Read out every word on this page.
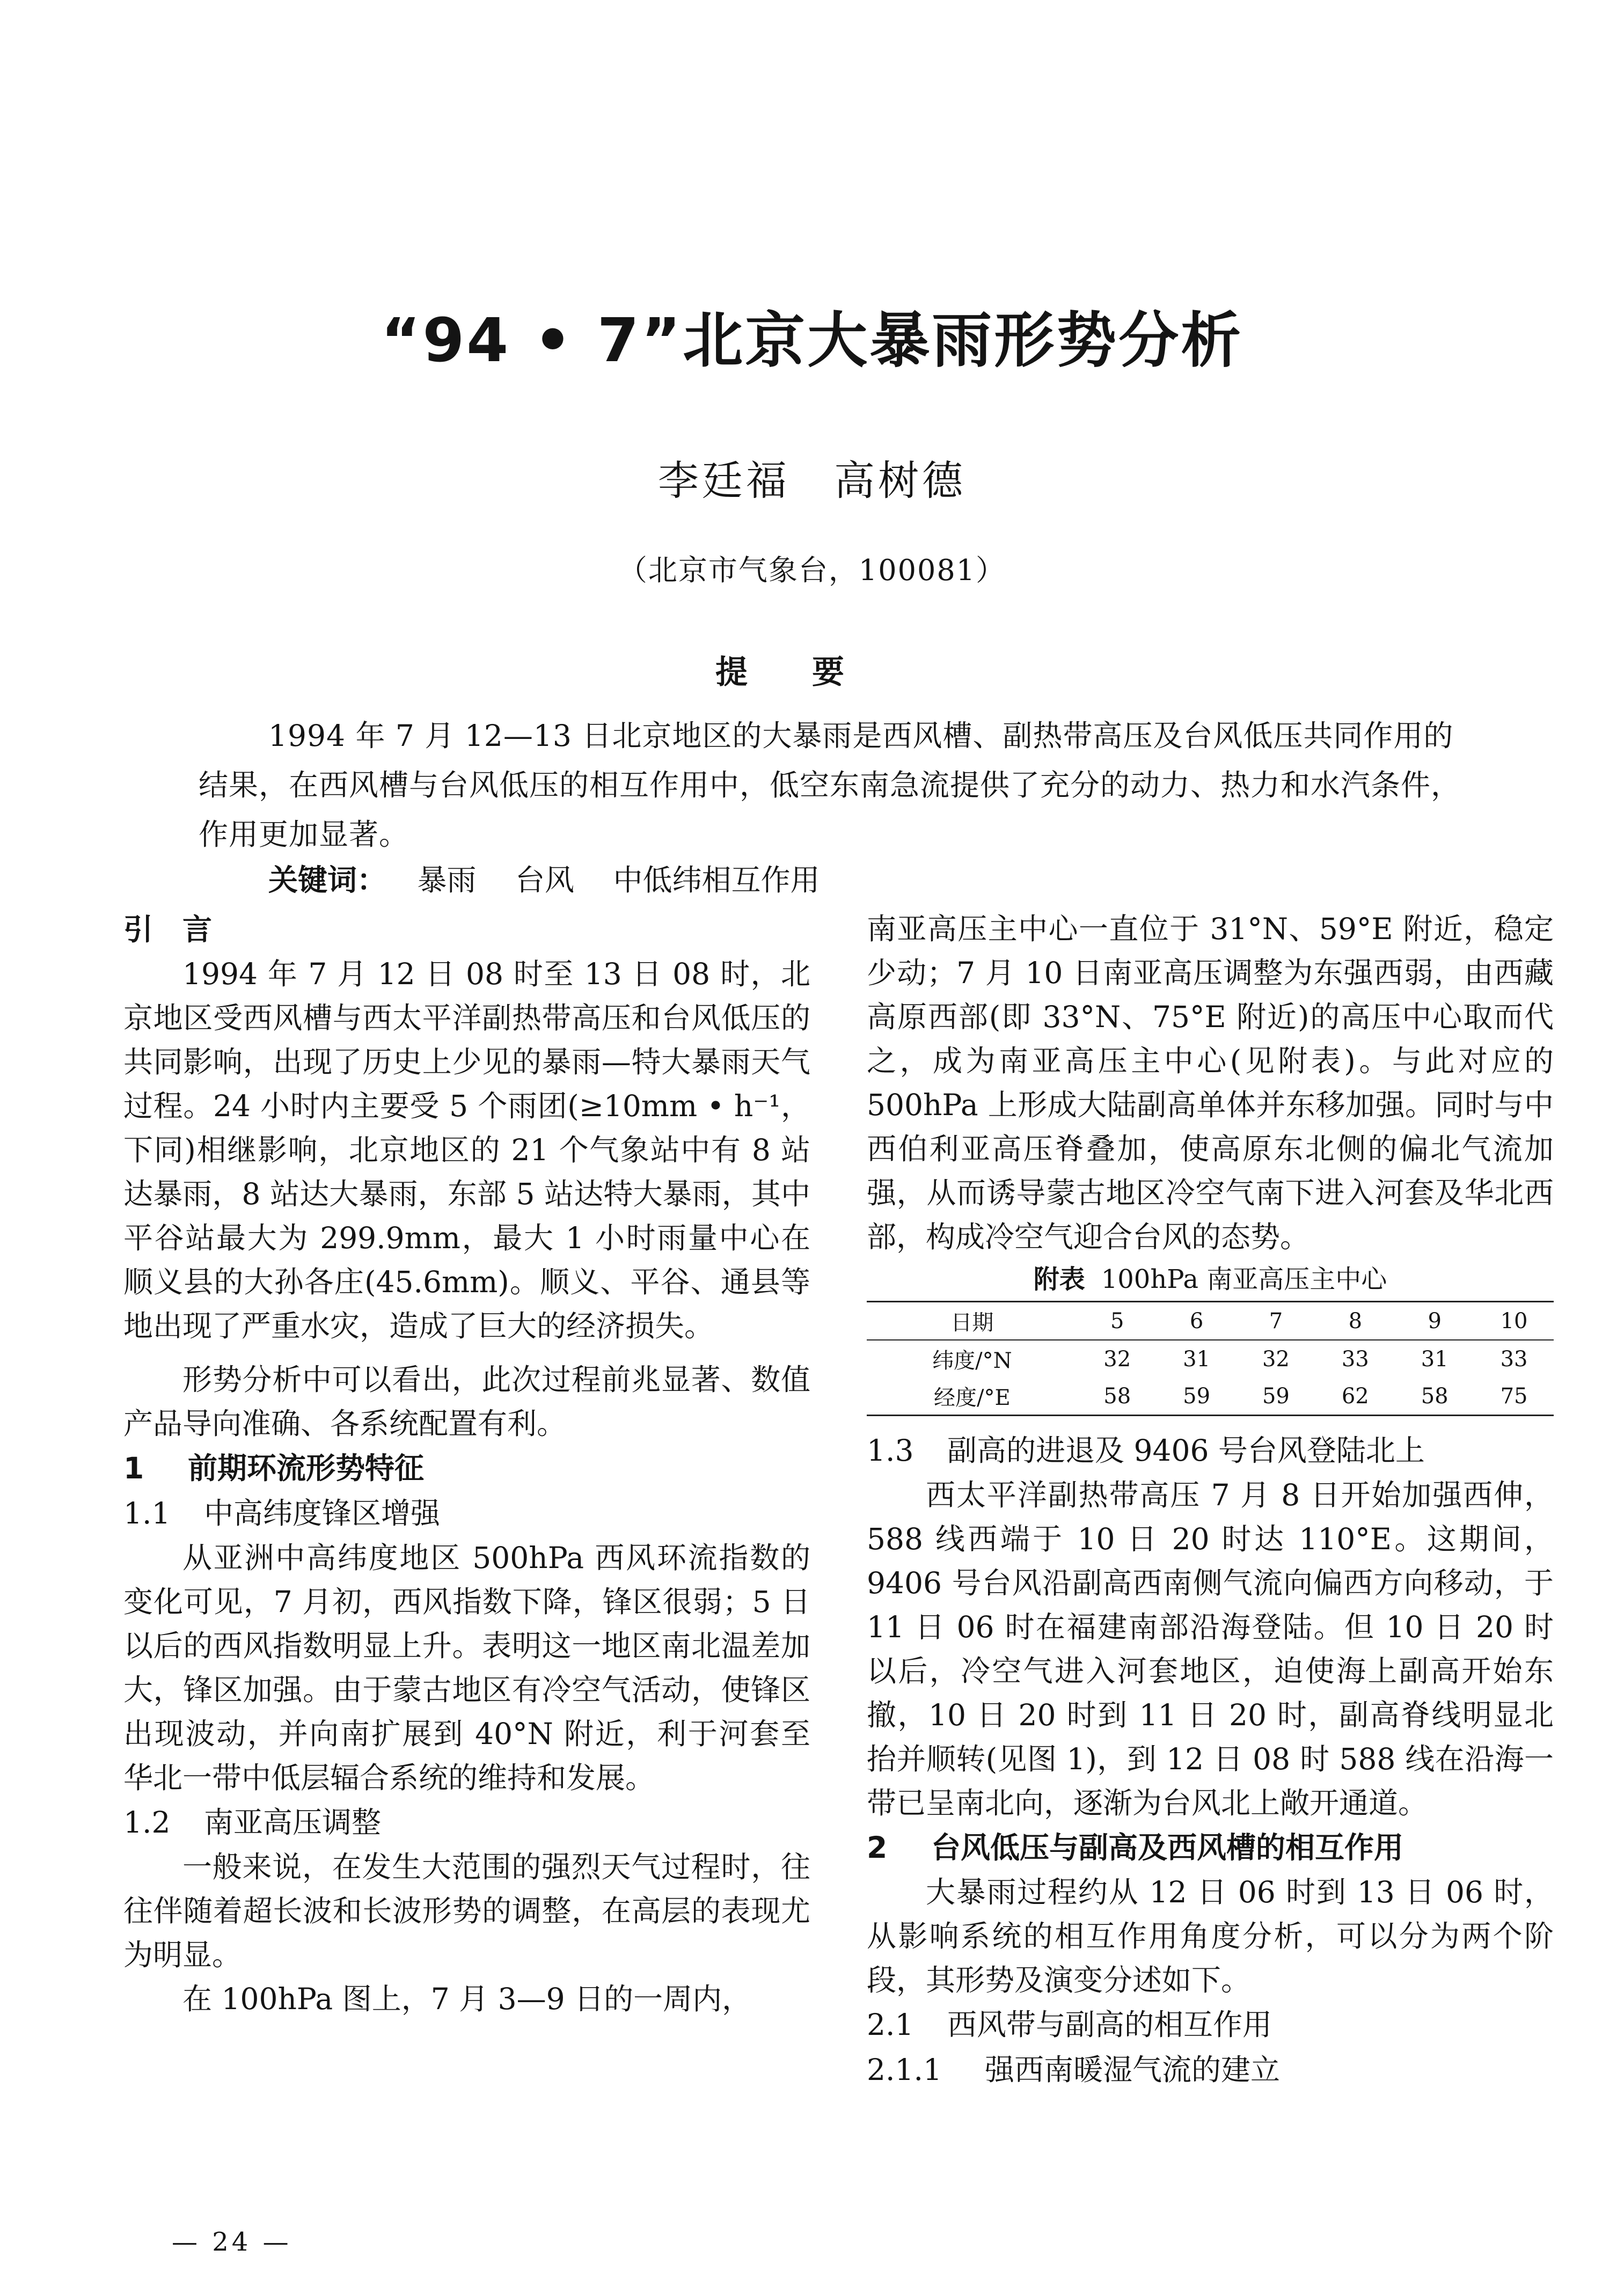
“94 • 7”北京大暴雨形势分析
李廷福　高树德
（北京市气象台，100081）
提要
1994 年 7 月 12—13 日北京地区的大暴雨是西风槽、副热带高压及台风低压共同作用的结果，在西风槽与台风低压的相互作用中，低空东南急流提供了充分的动力、热力和水汽条件，作用更加显著。
关键词： 暴雨 台风 中低纬相互作用
引　言

1994 年 7 月 12 日 08 时至 13 日 08 时，北京地区受西风槽与西太平洋副热带高压和台风低压的共同影响，出现了历史上少见的暴雨—特大暴雨天气过程。24 小时内主要受 5 个雨团(≥10mm • h⁻¹，下同)相继影响，北京地区的 21 个气象站中有 8 站达暴雨，8 站达大暴雨，东部 5 站达特大暴雨，其中平谷站最大为 299.9mm，最大 1 小时雨量中心在顺义县的大孙各庄(45.6mm)。顺义、平谷、通县等地出现了严重水灾，造成了巨大的经济损失。

形势分析中可以看出，此次过程前兆显著、数值产品导向准确、各系统配置有利。

1 前期环流形势特征
1.1 中高纬度锋区增强

从亚洲中高纬度地区 500hPa 西风环流指数的变化可见，7 月初，西风指数下降，锋区很弱；5 日以后的西风指数明显上升。表明这一地区南北温差加大，锋区加强。由于蒙古地区有冷空气活动，使锋区出现波动，并向南扩展到 40°N 附近，利于河套至华北一带中低层辐合系统的维持和发展。

1.2 南亚高压调整

一般来说，在发生大范围的强烈天气过程时，往往伴随着超长波和长波形势的调整，在高层的表现尤为明显。

在 100hPa 图上，7 月 3—9 日的一周内，

南亚高压主中心一直位于 31°N、59°E 附近，稳定少动；7 月 10 日南亚高压调整为东强西弱，由西藏高原西部(即 33°N、75°E 附近)的高压中心取而代之，成为南亚高压主中心(见附表)。与此对应的 500hPa 上形成大陆副高单体并东移加强。同时与中西伯利亚高压脊叠加，使高原东北侧的偏北气流加强，从而诱导蒙古地区冷空气南下进入河套及华北西部，构成冷空气迎合台风的态势。

附表 100hPa 南亚高压主中心
日期	5	6	7	8	9	10
纬度/°N	32	31	32	33	31	33
经度/°E	58	59	59	62	58	75
1.3 副高的进退及 9406 号台风登陆北上

西太平洋副热带高压 7 月 8 日开始加强西伸，588 线西端于 10 日 20 时达 110°E。这期间，9406 号台风沿副高西南侧气流向偏西方向移动，于 11 日 06 时在福建南部沿海登陆。但 10 日 20 时以后，冷空气进入河套地区，迫使海上副高开始东撤，10 日 20 时到 11 日 20 时，副高脊线明显北抬并顺转(见图 1)，到 12 日 08 时 588 线在沿海一带已呈南北向，逐渐为台风北上敞开通道。

2 台风低压与副高及西风槽的相互作用

大暴雨过程约从 12 日 06 时到 13 日 06 时，从影响系统的相互作用角度分析，可以分为两个阶段，其形势及演变分述如下。

2.1 西风带与副高的相互作用
2.1.1 强西南暖湿气流的建立
— 24 —
